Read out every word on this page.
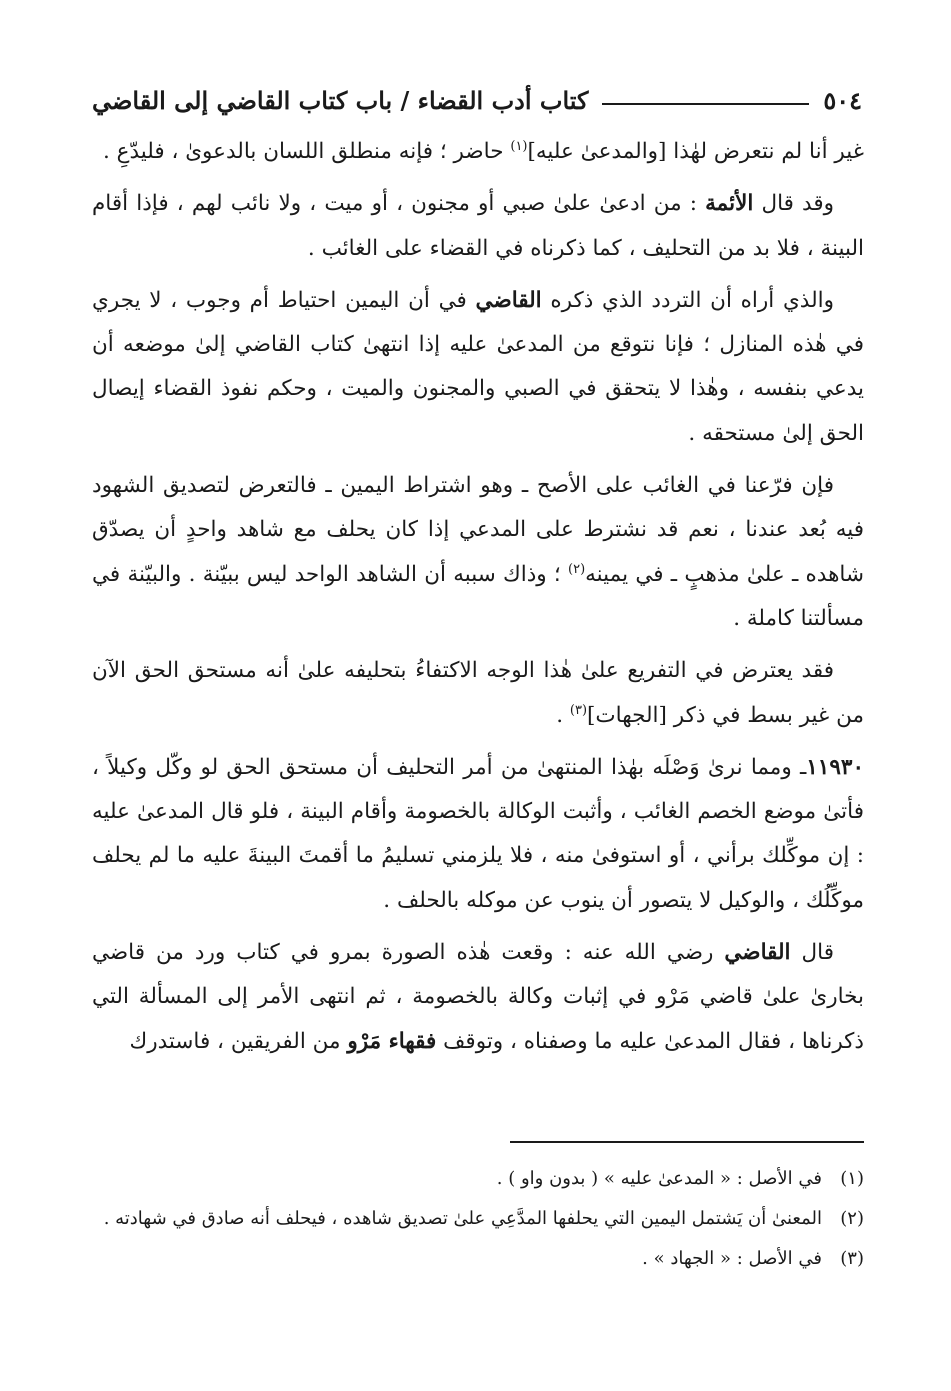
٥٠٤
كتاب أدب القضاء / باب كتاب القاضي إلى القاضي

غير أنا لم نتعرض لهٰذا [والمدعىٰ عليه]$^{(١)}$ حاضر ؛ فإنه منطلق اللسان بالدعوىٰ ، فليدّعِ .

وقد قال الأئمة : من ادعىٰ علىٰ صبي أو مجنون ، أو ميت ، ولا نائب لهم ، فإذا أقام البينة ، فلا بد من التحليف ، كما ذكرناه في القضاء على الغائب .

والذي أراه أن التردد الذي ذكره القاضي في أن اليمين احتياط أم وجوب ، لا يجري في هٰذه المنازل ؛ فإنا نتوقع من المدعىٰ عليه إذا انتهىٰ كتاب القاضي إلىٰ موضعه أن يدعي بنفسه ، وهٰذا لا يتحقق في الصبي والمجنون والميت ، وحكم نفوذ القضاء إيصال الحق إلىٰ مستحقه .

فإن فرّعنا في الغائب على الأصح ـ وهو اشتراط اليمين ـ فالتعرض لتصديق الشهود فيه بُعد عندنا ، نعم قد نشترط على المدعي إذا كان يحلف مع شاهد واحدٍ أن يصدّق شاهده ـ علىٰ مذهبٍ ـ في يمينه$^{(٢)}$ ؛ وذاك سببه أن الشاهد الواحد ليس ببيّنة . والبيّنة في مسألتنا كاملة .

فقد يعترض في التفريع علىٰ هٰذا الوجه الاكتفاءُ بتحليفه علىٰ أنه مستحق الحق الآن من غير بسط في ذكر [الجهات]$^{(٣)}$ .

١١٩٣٠ـ ومما نرىٰ وَصْلَه بهٰذا المنتهىٰ من أمر التحليف أن مستحق الحق لو وكّل وكيلاً ، فأتىٰ موضع الخصم الغائب ، وأثبت الوكالة بالخصومة وأقام البينة ، فلو قال المدعىٰ عليه : إن موكِّلك برأني ، أو استوفىٰ منه ، فلا يلزمني تسليمُ ما أقمتَ البينةَ عليه ما لم يحلف موكِّلُك ، والوكيل لا يتصور أن ينوب عن موكله بالحلف .

قال القاضي رضي الله عنه : وقعت هٰذه الصورة بمرو في كتاب ورد من قاضي بخارىٰ علىٰ قاضي مَرْو في إثبات وكالة بالخصومة ، ثم انتهى الأمر إلى المسألة التي ذكرناها ، فقال المدعىٰ عليه ما وصفناه ، وتوقف فقهاء مَرْو من الفريقين ، فاستدرك

(١)
في الأصل : « المدعىٰ عليه » ( بدون واو ) .
(٢)
المعنىٰ أن يَشتمل اليمين التي يحلفها المدَّعِي علىٰ تصديق شاهده ، فيحلف أنه صادق في شهادته .
(٣)
في الأصل : « الجهاد » .
